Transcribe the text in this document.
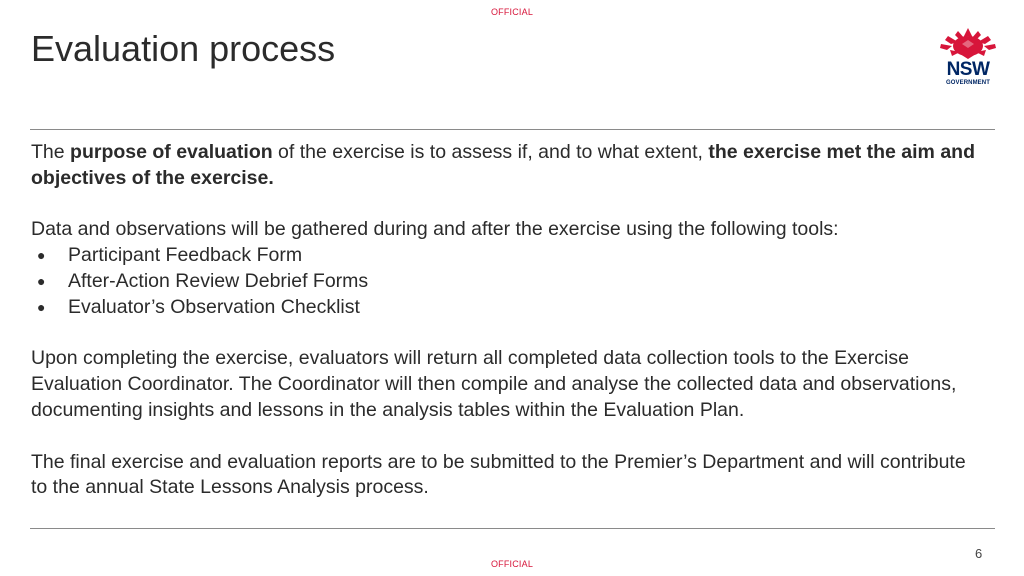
OFFICIAL
Evaluation process
NSW
GOVERNMENT

The purpose of evaluation of the exercise is to assess if, and to what extent, the exercise met the aim and objectives of the exercise.

Data and observations will be gathered during and after the exercise using the following tools:

● Participant Feedback Form
● After-Action Review Debrief Forms
● Evaluator’s Observation Checklist

Upon completing the exercise, evaluators will return all completed data collection tools to the Exercise Evaluation Coordinator. The Coordinator will then compile and analyse the collected data and observations, documenting insights and lessons in the analysis tables within the Evaluation Plan.

The final exercise and evaluation reports are to be submitted to the Premier’s Department and will contribute to the annual State Lessons Analysis process.

6
OFFICIAL
